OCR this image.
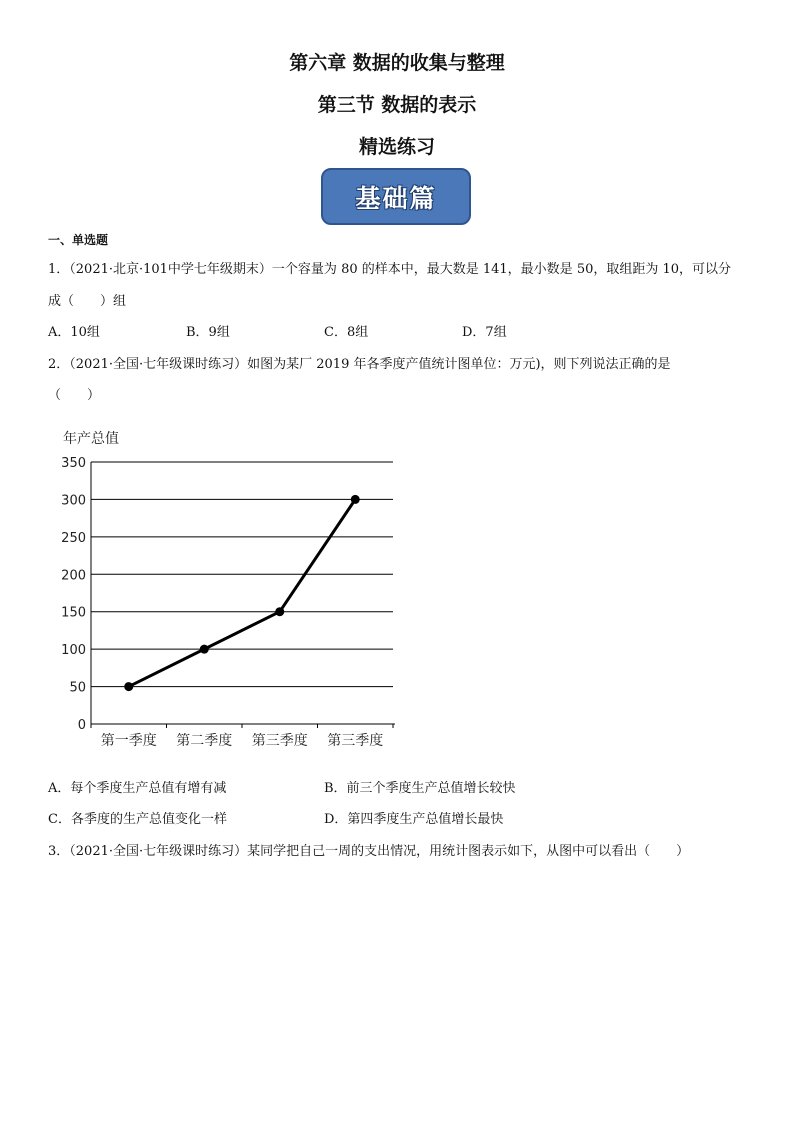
第六章 数据的收集与整理
第三节 数据的表示
精选练习
基础篇
一、单选题
1．（2021·北京·101中学七年级期末）一个容量为 80 的样本中，最大数是 141，最小数是 50，取组距为 10，可以分
成（　　）组
A．10组	B．9组	C．8组	D．7组
2．（2021·全国·七年级课时练习）如图为某厂 2019 年各季度产值统计图单位：万元)，则下列说法正确的是
（　　）
年产总值
0
50
100
150
200
250
300
350
第一季度 第二季度 第三季度 第三季度
A．每个季度生产总值有增有减	B．前三个季度生产总值增长较快
C．各季度的生产总值变化一样	D．第四季度生产总值增长最快
3．（2021·全国·七年级课时练习）某同学把自己一周的支出情况，用统计图表示如下，从图中可以看出（　　）
